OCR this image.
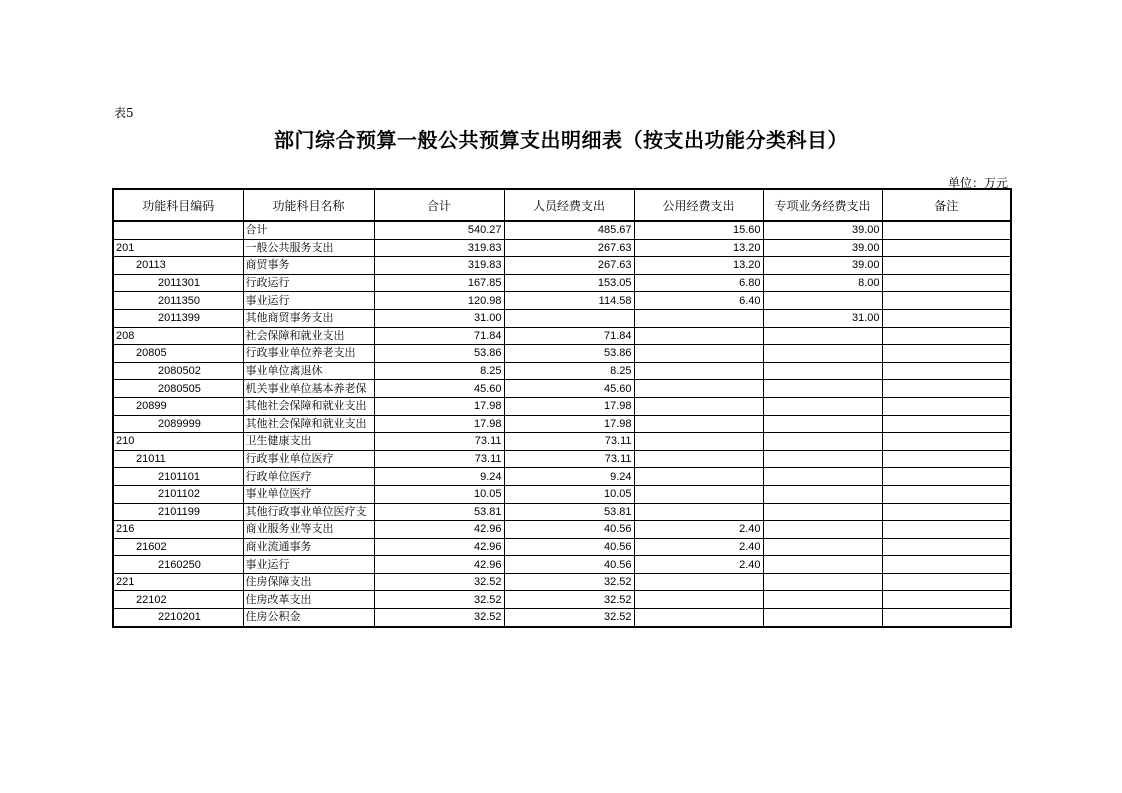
表5
部门综合预算一般公共预算支出明细表（按支出功能分类科目）
单位：万元
功能科目编码	功能科目名称	合计	人员经费支出	公用经费支出	专项业务经费支出	备注
	合计	540.27	485.67	15.60	39.00	
201	一般公共服务支出	319.83	267.63	13.20	39.00	
20113	商贸事务	319.83	267.63	13.20	39.00	
2011301	行政运行	167.85	153.05	6.80	8.00	
2011350	事业运行	120.98	114.58	6.40		
2011399	其他商贸事务支出	31.00			31.00	
208	社会保障和就业支出	71.84	71.84			
20805	行政事业单位养老支出	53.86	53.86			
2080502	事业单位离退休	8.25	8.25			
2080505	机关事业单位基本养老保	45.60	45.60			
20899	其他社会保障和就业支出	17.98	17.98			
2089999	其他社会保障和就业支出	17.98	17.98			
210	卫生健康支出	73.11	73.11			
21011	行政事业单位医疗	73.11	73.11			
2101101	行政单位医疗	9.24	9.24			
2101102	事业单位医疗	10.05	10.05			
2101199	其他行政事业单位医疗支	53.81	53.81			
216	商业服务业等支出	42.96	40.56	2.40		
21602	商业流通事务	42.96	40.56	2.40		
2160250	事业运行	42.96	40.56	2.40		
221	住房保障支出	32.52	32.52			
22102	住房改革支出	32.52	32.52			
2210201	住房公积金	32.52	32.52			
